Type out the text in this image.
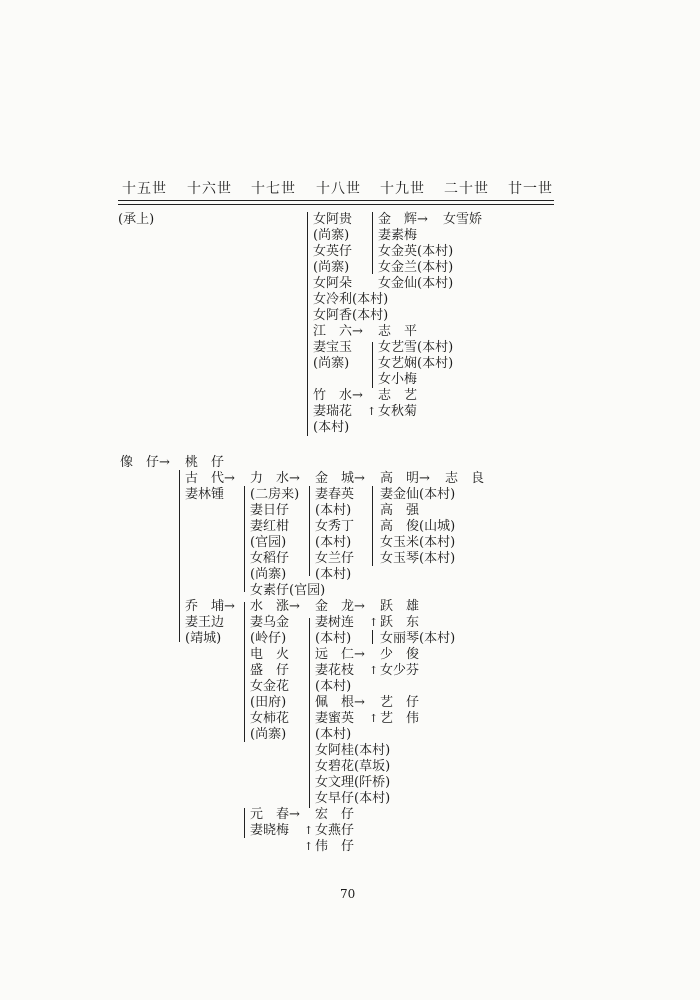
十五世 十六世 十七世 十八世 十九世 二十世 廿一世
(承上)	女阿贵
(尚寨)
女英仔
(尚寨)
女阿朵
女冷利(本村)
女阿香(本村)
江　六→
妻宝玉
(尚寨)
竹　水→
妻瑞花
(本村)
金　辉→
妻素梅
女金英(本村)
女金兰(本村)
女金仙(本村)
志　平
女艺雪(本村)
女艺娴(本村)
女小梅
志　艺
↑ 女秋菊
女雪娇
像　仔→ 桃　仔
古　代→
妻林锺
乔　埔→
妻王边
(靖城)
力　水→
(二房来)
妻日仔
妻红柑
(官园)
女稻仔
(尚寨)
女素仔(官园)
水　涨→
妻乌金
(岭仔)
电　火
盛　仔
女金花
(田府)
女柿花
(尚寨)
元　春→
妻晓梅
金　城→
妻春英
(本村)
女秀丁
(本村)
女兰仔
(本村)
金　龙→
妻树连
(本村)
远　仁→
妻花枝
(本村)
佩　根→
妻蜜英
(本村)
女阿桂(本村)
女碧花(草坂)
女文理(阡桥)
女早仔(本村)
宏　仔
↑ 女燕仔
↑ 伟　仔
高　明→
妻金仙(本村)
高　强
高　俊(山城)
女玉米(本村)
女玉琴(本村)
跃　雄
↑ 跃　东
女丽琴(本村)
少　俊
↑ 女少芬
艺　仔
↑ 艺　伟
志　良
70
